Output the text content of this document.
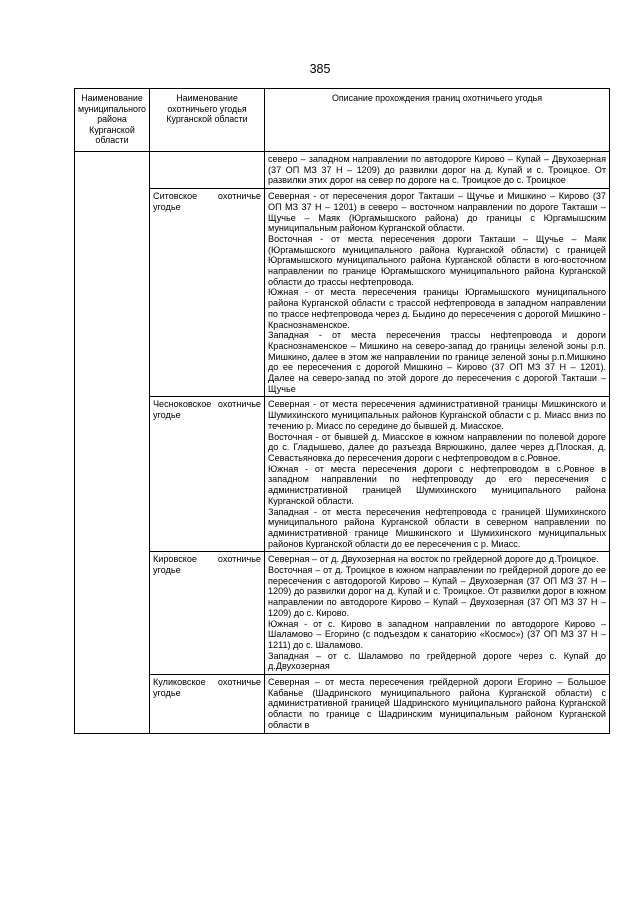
385
Наименование муниципального района Курганской области	Наименование охотничьего угодья Курганской области	Описание прохождения границ охотничьего угодья

		северо – западном направлении по автодороге Кирово – Купай – Двухозерная (37 ОП МЗ 37 Н – 1209) до развилки дорог на д. Купай и с. Троицкое. От развилки этих дорог на север по дороге на с. Троицкое до с. Троицкое

	Ситовское охотничье угодье	Северная - от пересечения дорог Такташи – Щучье и Мишкино – Кирово (37 ОП МЗ 37 Н – 1201) в северо – восточном направлении по дороге Такташи – Щучье – Маяк (Юргамышского района) до границы с Юргамышским муниципальным районом Курганской области.
Восточная - от места пересечения дороги Такташи – Щучье – Маяк (Юргамышского муниципального района Курганской области) с границей Юргамышского муниципального района Курганской области в юго-восточном направлении по границе Юргамышского муниципального района Курганской области до трассы нефтепровода.
Южная - от места пересечения границы Юргамышского муниципального района Курганской области с трассой нефтепровода в западном направлении по трассе нефтепровода через д. Быдино до пересечения с дорогой Мишкино - Краснознаменское.
Западная - от места пересечения трассы нефтепровода и дороги Краснознаменское – Мишкино на северо-запад до границы зеленой зоны р.п. Мишкино, далее в этом же направлении по границе зеленой зоны р.п.Мишкино до ее пересечения с дорогой Мишкино – Кирово (37 ОП МЗ 37 Н – 1201). Далее на северо-запад по этой дороге до пересечения с дорогой Такташи – Щучье

	Чесноковское охотничье угодье	Северная - от места пересечения административной границы Мишкинского и Шумихинского муниципальных районов Курганской области с р. Миасс вниз по течению р. Миасс по середине до бывшей д. Миасское.
Восточная - от бывшей д. Миасское в южном направлении по полевой дороге до с. Гладышево, далее до разъезда Вярюшкино, далее через д.Плоская, д. Севастьяновка до пересечения дороги с нефтепроводом в с.Ровное.
Южная - от места пересечения дороги с нефтепроводом в с.Ровное в западном направлении по нефтепроводу до его пересечения с административной границей Шумихинского муниципального района Курганской области.
Западная - от места пересечения нефтепровода с границей Шумихинского муниципального района Курганской области в северном направлении по административной границе Мишкинского и Шумихинского муниципальных районов Курганской области до ее пересечения с р. Миасс.

	Кировское охотничье угодье	Северная – от д. Двухозерная на восток по грейдерной дороге до д.Троицкое.
Восточная – от д. Троицкое в южном направлении по грейдерной дороге до ее пересечения с автодорогой Кирово – Купай – Двухозерная (37 ОП МЗ 37 Н – 1209) до развилки дорог на д. Купай и с. Троицкое. От развилки дорог в южном направлении по автодороге Кирово – Купай – Двухозерная (37 ОП МЗ 37 Н – 1209) до с. Кирово.
Южная - от с. Кирово в западном направлении по автодороге Кирово – Шаламово – Егорино (с подъездом к санаторию «Космос») (37 ОП МЗ 37 Н – 1211) до с. Шаламово.
Западная – от с. Шаламово по грейдерной дороге через с. Купай до д.Двухозерная

	Куликовское охотничье угодье	Северная – от места пересечения грейдерной дороги Егорино – Большое Кабанье (Шадринского муниципального района Курганской области) с административной границей Шадринского муниципального района Курганской области по границе с Шадринским муниципальным районом Курганской области в
